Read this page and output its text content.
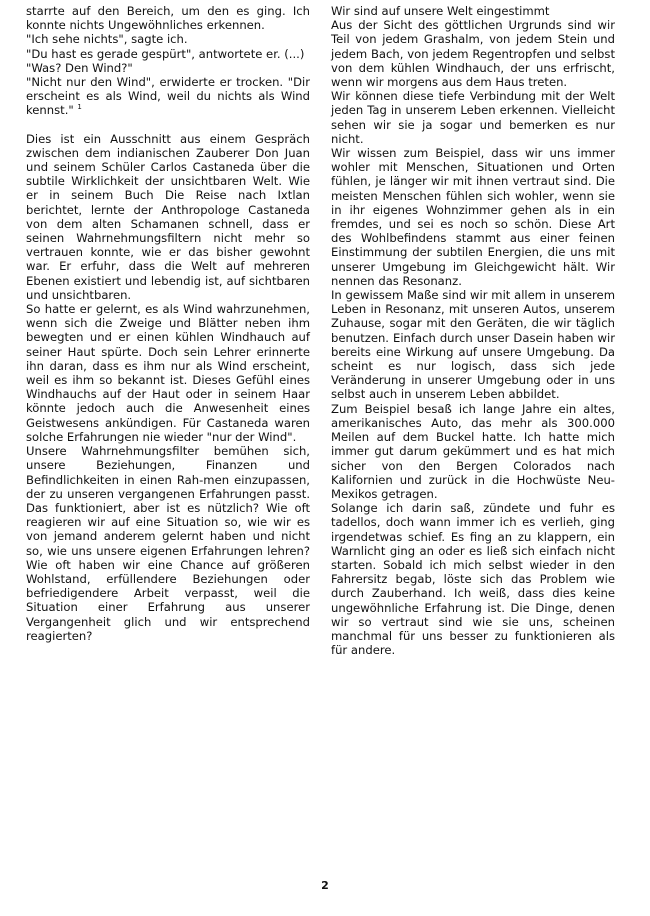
starrte auf den Bereich, um den es ging. Ich konnte nichts Ungewöhnliches erkennen.

"Ich sehe nichts", sagte ich.

"Du hast es gerade gespürt", antwortete er. (...)

"Was? Den Wind?"

"Nicht nur den Wind", erwiderte er trocken. "Dir erscheint es als Wind, weil du nichts als Wind kennst." $^1$

Dies ist ein Ausschnitt aus einem Gespräch zwischen dem indianischen Zauberer Don Juan und seinem Schüler Carlos Castaneda über die subtile Wirklichkeit der unsichtbaren Welt. Wie er in seinem Buch Die Reise nach Ixtlan berichtet, lernte der Anthropologe Castaneda von dem alten Schamanen schnell, dass er seinen Wahrnehmungsfiltern nicht mehr so vertrauen konnte, wie er das bisher gewohnt war. Er erfuhr, dass die Welt auf mehreren Ebenen existiert und lebendig ist, auf sichtbaren und unsichtbaren.

So hatte er gelernt, es als Wind wahrzunehmen, wenn sich die Zweige und Blätter neben ihm bewegten und er einen kühlen Windhauch auf seiner Haut spürte. Doch sein Lehrer erinnerte ihn daran, dass es ihm nur als Wind erscheint, weil es ihm so bekannt ist. Dieses Gefühl eines Windhauchs auf der Haut oder in seinem Haar könnte jedoch auch die Anwesenheit eines Geistwesens ankündigen. Für Castaneda waren solche Erfahrungen nie wieder "nur der Wind".

Unsere Wahrnehmungsfilter bemühen sich, unsere Beziehungen, Finanzen und Befindlichkeiten in einen Rah-men einzupassen, der zu unseren vergangenen Erfahrungen passt. Das funktioniert, aber ist es nützlich? Wie oft reagieren wir auf eine Situation so, wie wir es von jemand anderem gelernt haben und nicht so, wie uns unsere eigenen Erfahrungen lehren? Wie oft haben wir eine Chance auf größeren Wohlstand, erfüllendere Beziehungen oder befriedigendere Arbeit verpasst, weil die Situation einer Erfahrung aus unserer Vergangenheit glich und wir entsprechend reagierten?

Wir sind auf unsere Welt eingestimmt

Aus der Sicht des göttlichen Urgrunds sind wir Teil von jedem Grashalm, von jedem Stein und jedem Bach, von jedem Regentropfen und selbst von dem kühlen Windhauch, der uns erfrischt, wenn wir morgens aus dem Haus treten.

Wir können diese tiefe Verbindung mit der Welt jeden Tag in unserem Leben erkennen. Vielleicht sehen wir sie ja sogar und bemerken es nur nicht.

Wir wissen zum Beispiel, dass wir uns immer wohler mit Menschen, Situationen und Orten fühlen, je länger wir mit ihnen vertraut sind. Die meisten Menschen fühlen sich wohler, wenn sie in ihr eigenes Wohnzimmer gehen als in ein fremdes, und sei es noch so schön. Diese Art des Wohlbefindens stammt aus einer feinen Einstimmung der subtilen Energien, die uns mit unserer Umgebung im Gleichgewicht hält. Wir nennen das Resonanz.

In gewissem Maße sind wir mit allem in unserem Leben in Resonanz, mit unseren Autos, unserem Zuhause, sogar mit den Geräten, die wir täglich benutzen. Einfach durch unser Dasein haben wir bereits eine Wirkung auf unsere Umgebung. Da scheint es nur logisch, dass sich jede Veränderung in unserer Umgebung oder in uns selbst auch in unserem Leben abbildet.

Zum Beispiel besaß ich lange Jahre ein altes, amerikanisches Auto, das mehr als 300.000 Meilen auf dem Buckel hatte. Ich hatte mich immer gut darum gekümmert und es hat mich sicher von den Bergen Colorados nach Kalifornien und zurück in die Hochwüste Neu-Mexikos getragen.

Solange ich darin saß, zündete und fuhr es tadellos, doch wann immer ich es verlieh, ging irgendetwas schief. Es fing an zu klappern, ein Warnlicht ging an oder es ließ sich einfach nicht starten. Sobald ich mich selbst wieder in den Fahrersitz begab, löste sich das Problem wie durch Zauberhand. Ich weiß, dass dies keine ungewöhnliche Erfahrung ist. Die Dinge, denen wir so vertraut sind wie sie uns, scheinen manchmal für uns besser zu funktionieren als für andere.

2
